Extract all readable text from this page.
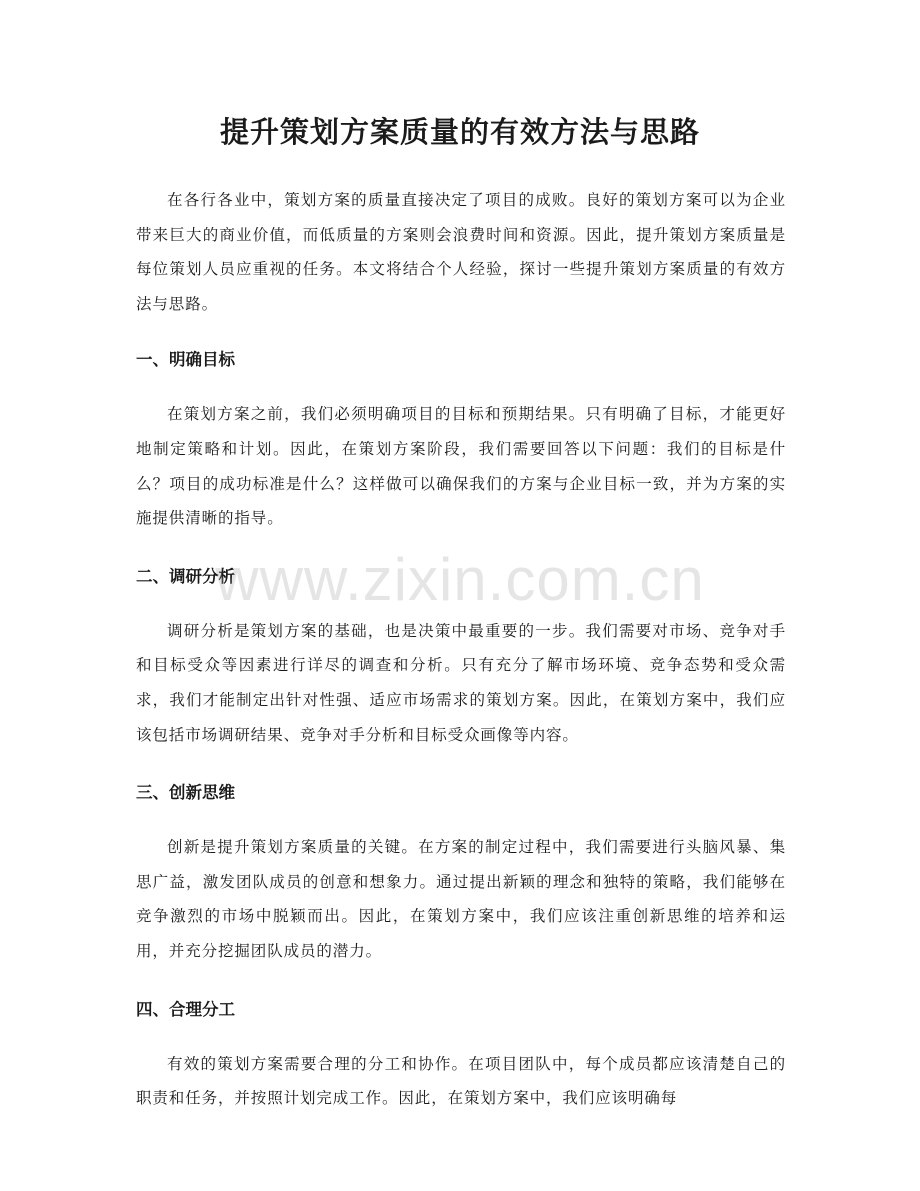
提升策划方案质量的有效方法与思路

在各行各业中，策划方案的质量直接决定了项目的成败。良好的策划方案可以为企业带来巨大的商业价值，而低质量的方案则会浪费时间和资源。因此，提升策划方案质量是每位策划人员应重视的任务。本文将结合个人经验，探讨一些提升策划方案质量的有效方法与思路。

一、明确目标

在策划方案之前，我们必须明确项目的目标和预期结果。只有明确了目标，才能更好地制定策略和计划。因此，在策划方案阶段，我们需要回答以下问题：我们的目标是什么？项目的成功标准是什么？这样做可以确保我们的方案与企业目标一致，并为方案的实施提供清晰的指导。

二、调研分析

调研分析是策划方案的基础，也是决策中最重要的一步。我们需要对市场、竞争对手和目标受众等因素进行详尽的调查和分析。只有充分了解市场环境、竞争态势和受众需求，我们才能制定出针对性强、适应市场需求的策划方案。因此，在策划方案中，我们应该包括市场调研结果、竞争对手分析和目标受众画像等内容。

三、创新思维

创新是提升策划方案质量的关键。在方案的制定过程中，我们需要进行头脑风暴、集思广益，激发团队成员的创意和想象力。通过提出新颖的理念和独特的策略，我们能够在竞争激烈的市场中脱颖而出。因此，在策划方案中，我们应该注重创新思维的培养和运用，并充分挖掘团队成员的潜力。

四、合理分工

有效的策划方案需要合理的分工和协作。在项目团队中，每个成员都应该清楚自己的职责和任务，并按照计划完成工作。因此，在策划方案中，我们应该明确每

www.zixin.com.cn
